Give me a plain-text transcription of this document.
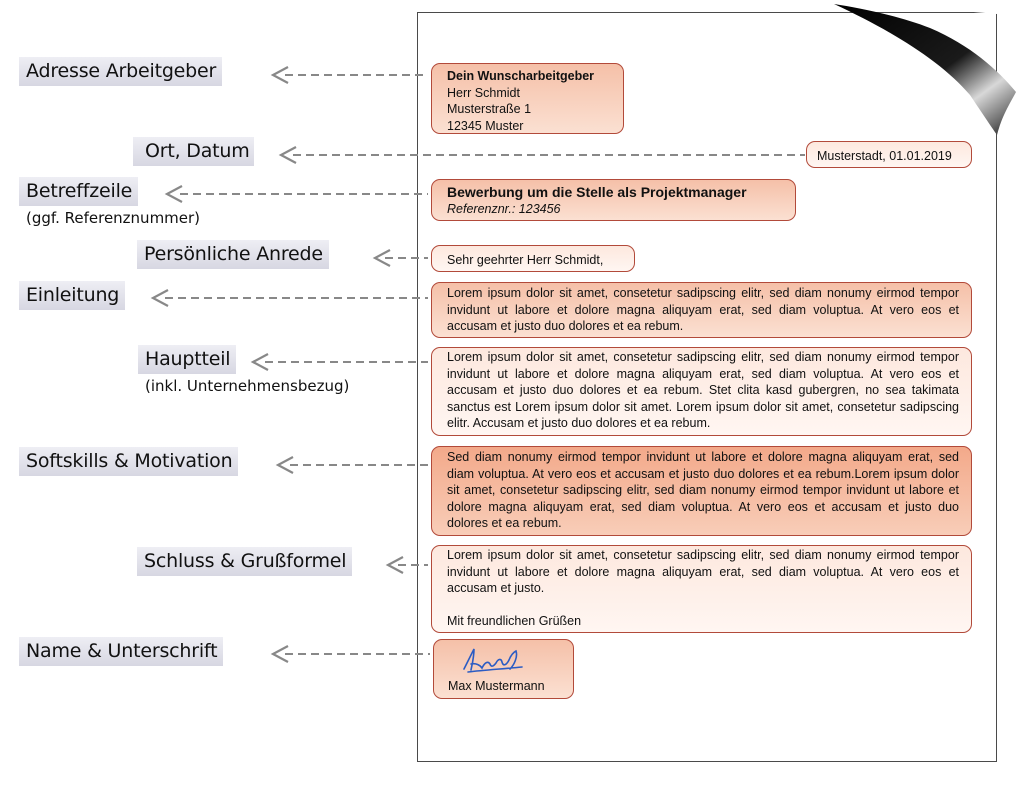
Adresse Arbeitgeber
Ort, Datum
Betreffzeile
(ggf. Referenznummer)
Persönliche Anrede
Einleitung
Hauptteil
(inkl. Unternehmensbezug)
Softskills & Motivation
Schluss & Grußformel
Name & Unterschrift
Dein Wunscharbeitgeber
Herr Schmidt
Musterstraße 1
12345 Muster
Musterstadt, 01.01.2019
Bewerbung um die Stelle als Projektmanager
Referenznr.: 123456
Sehr geehrter Herr Schmidt,
Lorem ipsum dolor sit amet, consetetur sadipscing elitr, sed diam nonumy eirmod tempor invidunt ut labore et dolore magna aliquyam erat, sed diam voluptua. At vero eos et accusam et justo duo dolores et ea rebum.
Lorem ipsum dolor sit amet, consetetur sadipscing elitr, sed diam nonumy eirmod tempor invidunt ut labore et dolore magna aliquyam erat, sed diam voluptua. At vero eos et accusam et justo duo dolores et ea rebum. Stet clita kasd gubergren, no sea takimata sanctus est Lorem ipsum dolor sit amet. Lorem ipsum dolor sit amet, consetetur sadipscing elitr. Accusam et justo duo dolores et ea rebum.
Sed diam nonumy eirmod tempor invidunt ut labore et dolore magna aliquyam erat, sed diam voluptua. At vero eos et accusam et justo duo dolores et ea rebum.Lorem ipsum dolor sit amet, consetetur sadipscing elitr, sed diam nonumy eirmod tempor invidunt ut labore et dolore magna aliquyam erat, sed diam voluptua. At vero eos et accusam et justo duo dolores et ea rebum.
Lorem ipsum dolor sit amet, consetetur sadipscing elitr, sed diam nonumy eirmod tempor invidunt ut labore et dolore magna aliquyam erat, sed diam voluptua. At vero eos et accusam et justo.
Mit freundlichen Grüßen
Max Mustermann
